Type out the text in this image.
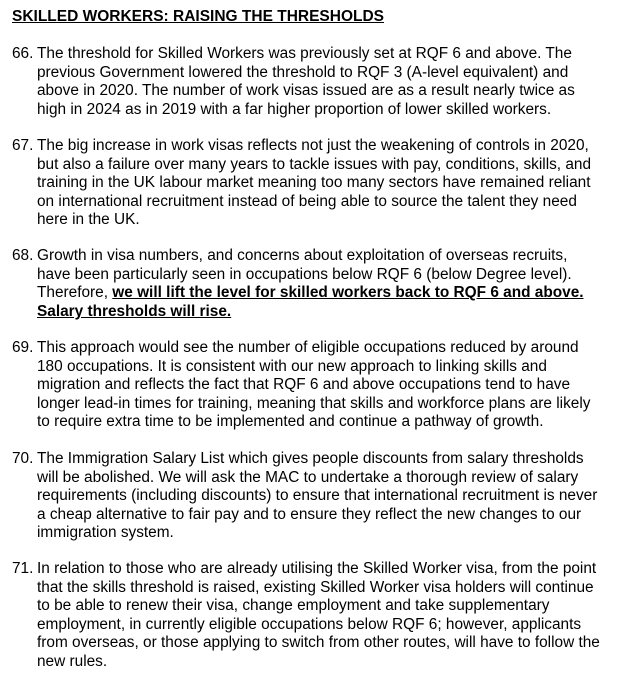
SKILLED WORKERS: RAISING THE THRESHOLDS
66. The threshold for Skilled Workers was previously set at RQF 6 and above. The
previous Government lowered the threshold to RQF 3 (A-level equivalent) and
above in 2020. The number of work visas issued are as a result nearly twice as
high in 2024 as in 2019 with a far higher proportion of lower skilled workers.
67. The big increase in work visas reflects not just the weakening of controls in 2020,
but also a failure over many years to tackle issues with pay, conditions, skills, and
training in the UK labour market meaning too many sectors have remained reliant
on international recruitment instead of being able to source the talent they need
here in the UK.
68. Growth in visa numbers, and concerns about exploitation of overseas recruits,
have been particularly seen in occupations below RQF 6 (below Degree level).
Therefore, we will lift the level for skilled workers back to RQF 6 and above.
Salary thresholds will rise.
69. This approach would see the number of eligible occupations reduced by around
180 occupations. It is consistent with our new approach to linking skills and
migration and reflects the fact that RQF 6 and above occupations tend to have
longer lead-in times for training, meaning that skills and workforce plans are likely
to require extra time to be implemented and continue a pathway of growth.
70. The Immigration Salary List which gives people discounts from salary thresholds
will be abolished. We will ask the MAC to undertake a thorough review of salary
requirements (including discounts) to ensure that international recruitment is never
a cheap alternative to fair pay and to ensure they reflect the new changes to our
immigration system.
71. In relation to those who are already utilising the Skilled Worker visa, from the point
that the skills threshold is raised, existing Skilled Worker visa holders will continue
to be able to renew their visa, change employment and take supplementary
employment, in currently eligible occupations below RQF 6; however, applicants
from overseas, or those applying to switch from other routes, will have to follow the
new rules.
